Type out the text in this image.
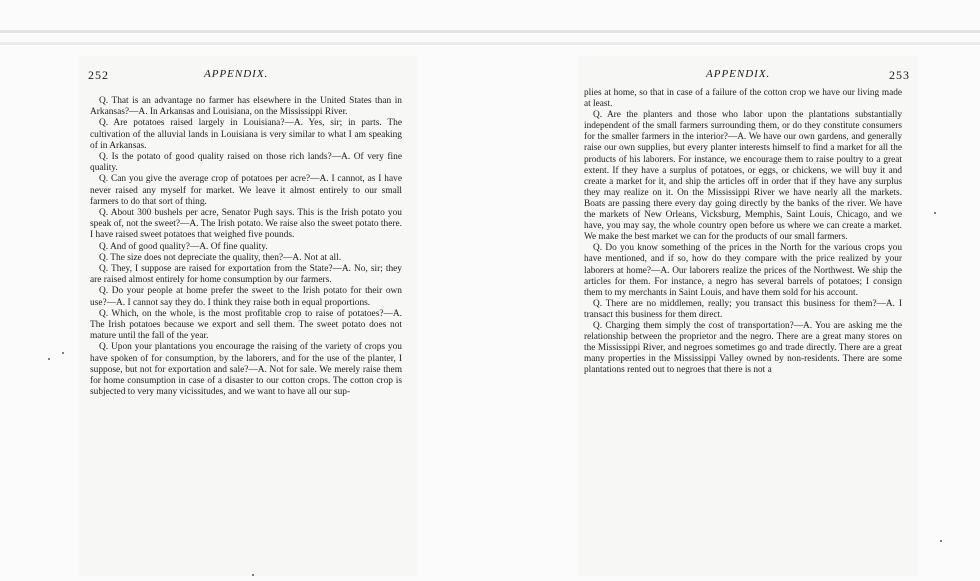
252	APPENDIX.

Q. That is an advantage no farmer has elsewhere in the United States than in Arkansas?—A. In Arkansas and Louisiana, on the Mississippi River.

Q. Are potatoes raised largely in Louisiana?—A. Yes, sir; in parts. The cultivation of the alluvial lands in Louisiana is very similar to what I am speaking of in Arkansas.

Q. Is the potato of good quality raised on those rich lands?—A. Of very fine quality.

Q. Can you give the average crop of potatoes per acre?—A. I cannot, as I have never raised any myself for market. We leave it almost entirely to our small farmers to do that sort of thing.

Q. About 300 bushels per acre, Senator Pugh says. This is the Irish potato you speak of, not the sweet?—A. The Irish potato. We raise also the sweet potato there. I have raised sweet potatoes that weighed five pounds.

Q. And of good quality?—A. Of fine quality.

Q. The size does not depreciate the quality, then?—A. Not at all.

Q. They, I suppose are raised for exportation from the State?—A. No, sir; they are raised almost entirely for home consumption by our farmers.

Q. Do your people at home prefer the sweet to the Irish potato for their own use?—A. I cannot say they do. I think they raise both in equal proportions.

Q. Which, on the whole, is the most profitable crop to raise of potatoes?—A. The Irish potatoes because we export and sell them. The sweet potato does not mature until the fall of the year.

Q. Upon your plantations you encourage the raising of the variety of crops you have spoken of for consumption, by the laborers, and for the use of the planter, I suppose, but not for exportation and sale?—A. Not for sale. We merely raise them for home consumption in case of a disaster to our cotton crops. The cotton crop is subjected to very many vicissitudes, and we want to have all our sup-

APPENDIX.	253

plies at home, so that in case of a failure of the cotton crop we have our living made at least.

Q. Are the planters and those who labor upon the plantations substantially independent of the small farmers surrounding them, or do they constitute consumers for the smaller farmers in the interior?—A. We have our own gardens, and generally raise our own supplies, but every planter interests himself to find a market for all the products of his laborers. For instance, we encourage them to raise poultry to a great extent. If they have a surplus of potatoes, or eggs, or chickens, we will buy it and create a market for it, and ship the articles off in order that if they have any surplus they may realize on it. On the Mississippi River we have nearly all the markets. Boats are passing there every day going directly by the banks of the river. We have the markets of New Orleans, Vicksburg, Memphis, Saint Louis, Chicago, and we have, you may say, the whole country open before us where we can create a market. We make the best market we can for the products of our small farmers.

Q. Do you know something of the prices in the North for the various crops you have mentioned, and if so, how do they compare with the price realized by your laborers at home?—A. Our laborers realize the prices of the Northwest. We ship the articles for them. For instance, a negro has several barrels of potatoes; I consign them to my merchants in Saint Louis, and have them sold for his account.

Q. There are no middlemen, really; you transact this business for them?—A. I transact this business for them direct.

Q. Charging them simply the cost of transportation?—A. You are asking me the relationship between the proprietor and the negro. There are a great many stores on the Mississippi River, and negroes sometimes go and trade directly. There are a great many properties in the Mississippi Valley owned by non-residents. There are some plantations rented out to negroes that there is not a
